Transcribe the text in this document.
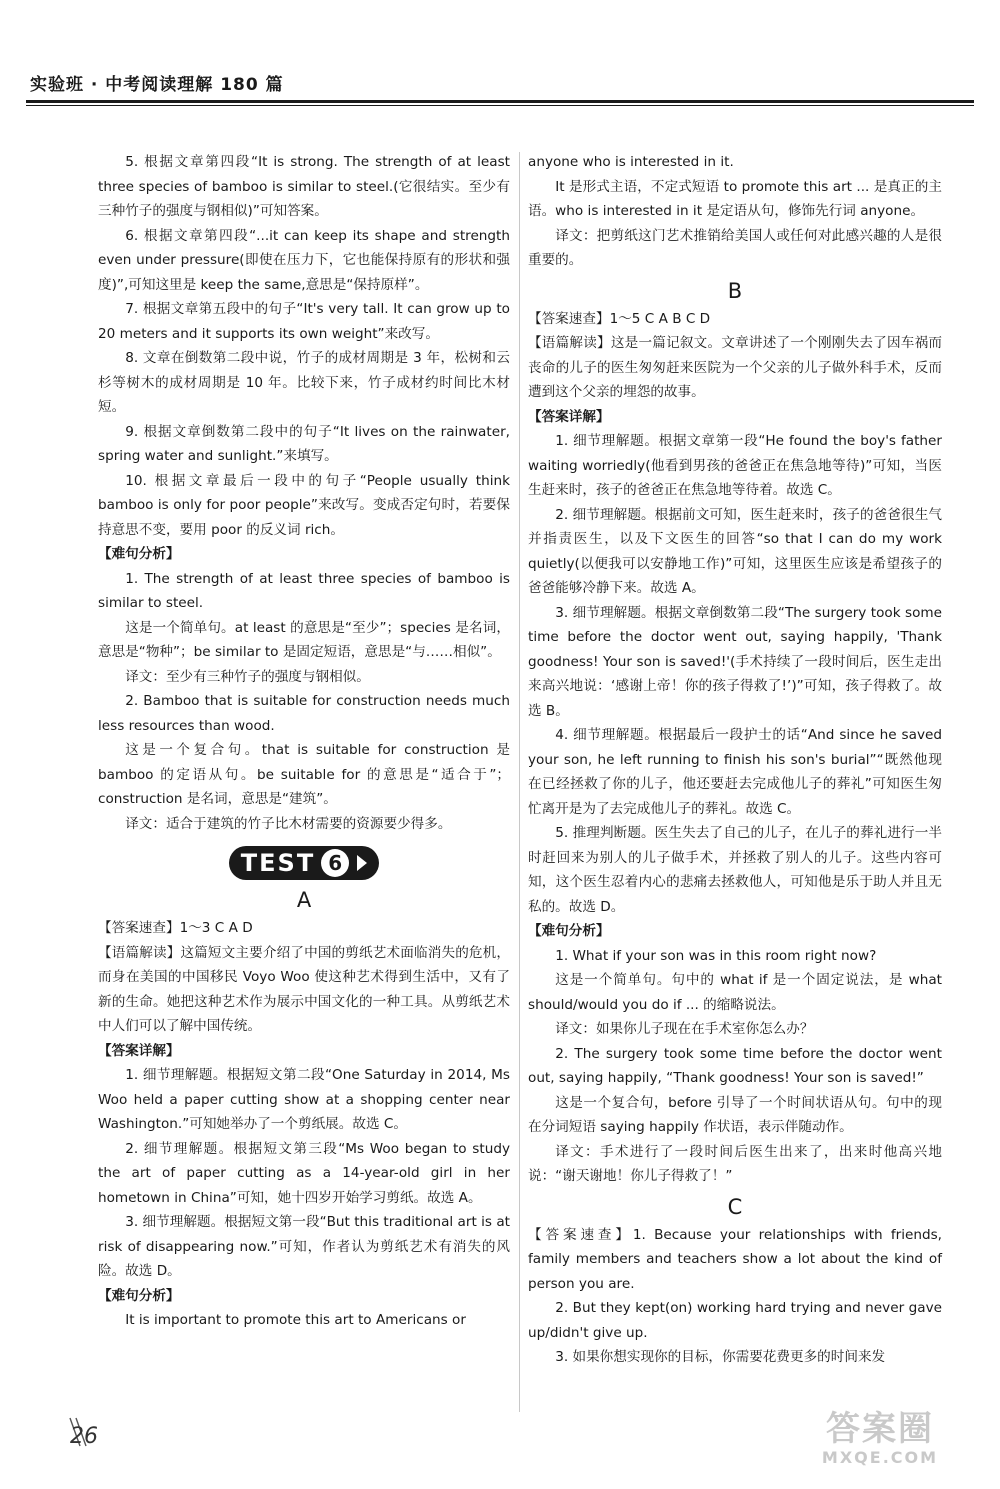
实验班 · 中考阅读理解 180 篇

5. 根据文章第四段“It is strong. The strength of at least three species of bamboo is similar to steel.(它很结实。至少有三种竹子的强度与钢相似)”可知答案。

6. 根据文章第四段“...it can keep its shape and strength even under pressure(即使在压力下，它也能保持原有的形状和强度)”,可知这里是 keep the same,意思是“保持原样”。

7. 根据文章第五段中的句子“It's very tall. It can grow up to 20 meters and it supports its own weight”来改写。

8. 文章在倒数第二段中说，竹子的成材周期是 3 年，松树和云杉等树木的成材周期是 10 年。比较下来，竹子成材约时间比木材短。

9. 根据文章倒数第二段中的句子“It lives on the rainwater, spring water and sunlight.”来填写。

10. 根据文章最后一段中的句子“People usually think bamboo is only for poor people”来改写。变成否定句时，若要保持意思不变，要用 poor 的反义词 rich。

【难句分析】

1. The strength of at least three species of bamboo is similar to steel.

这是一个简单句。at least 的意思是“至少”；species 是名词，意思是“物种”；be similar to 是固定短语，意思是“与……相似”。

译文：至少有三种竹子的强度与钢相似。

2. Bamboo that is suitable for construction needs much less resources than wood.

这是一个复合句。that is suitable for construction 是 bamboo 的定语从句。be suitable for 的意思是“适合于”；construction 是名词，意思是“建筑”。

译文：适合于建筑的竹子比木材需要的资源要少得多。

TEST 6

A

【答案速查】1～3 C A D

【语篇解读】这篇短文主要介绍了中国的剪纸艺术面临消失的危机，而身在美国的中国移民 Voyo Woo 使这种艺术得到生活中，又有了新的生命。她把这种艺术作为展示中国文化的一种工具。从剪纸艺术中人们可以了解中国传统。

【答案详解】

1. 细节理解题。根据短文第二段“One Saturday in 2014, Ms Woo held a paper cutting show at a shopping center near Washington.”可知她举办了一个剪纸展。故选 C。

2. 细节理解题。根据短文第三段“Ms Woo began to study the art of paper cutting as a 14-year-old girl in her hometown in China”可知，她十四岁开始学习剪纸。故选 A。

3. 细节理解题。根据短文第一段“But this traditional art is at risk of disappearing now.”可知，作者认为剪纸艺术有消失的风险。故选 D。

【难句分析】

It is important to promote this art to Americans or

anyone who is interested in it.

It 是形式主语，不定式短语 to promote this art ... 是真正的主语。who is interested in it 是定语从句，修饰先行词 anyone。

译文：把剪纸这门艺术推销给美国人或任何对此感兴趣的人是很重要的。

B

【答案速查】1～5 C A B C D

【语篇解读】这是一篇记叙文。文章讲述了一个刚刚失去了因车祸而丧命的儿子的医生匆匆赶来医院为一个父亲的儿子做外科手术，反而遭到这个父亲的埋怨的故事。

【答案详解】

1. 细节理解题。根据文章第一段“He found the boy's father waiting worriedly(他看到男孩的爸爸正在焦急地等待)”可知，当医生赶来时，孩子的爸爸正在焦急地等待着。故选 C。

2. 细节理解题。根据前文可知，医生赶来时，孩子的爸爸很生气并指责医生，以及下文医生的回答“so that I can do my work quietly(以便我可以安静地工作)”可知，这里医生应该是希望孩子的爸爸能够冷静下来。故选 A。

3. 细节理解题。根据文章倒数第二段“The surgery took some time before the doctor went out, saying happily, 'Thank goodness! Your son is saved!'(手术持续了一段时间后，医生走出来高兴地说：‘感谢上帝！你的孩子得救了!’)”可知，孩子得救了。故选 B。

4. 细节理解题。根据最后一段护士的话“And since he saved your son, he left running to finish his son's burial”“既然他现在已经拯救了你的儿子，他还要赶去完成他儿子的葬礼”可知医生匆忙离开是为了去完成他儿子的葬礼。故选 C。

5. 推理判断题。医生失去了自己的儿子，在儿子的葬礼进行一半时赶回来为别人的儿子做手术，并拯救了别人的儿子。这些内容可知，这个医生忍着内心的悲痛去拯救他人，可知他是乐于助人并且无私的。故选 D。

【难句分析】

1. What if your son was in this room right now?

这是一个简单句。句中的 what if 是一个固定说法，是 what should/would you do if ... 的缩略说法。

译文：如果你儿子现在在手术室你怎么办？

2. The surgery took some time before the doctor went out, saying happily, “Thank goodness! Your son is saved!”

这是一个复合句，before 引导了一个时间状语从句。句中的现在分词短语 saying happily 作状语，表示伴随动作。

译文：手术进行了一段时间后医生出来了，出来时他高兴地说：“谢天谢地！你儿子得救了！”

C

【答案速查】1. Because your relationships with friends, family members and teachers show a lot about the kind of person you are.

2. But they kept(on) working hard trying and never gave up/didn't give up.

3. 如果你想实现你的目标，你需要花费更多的时间来发

26	答案圈
MXQE.COM
